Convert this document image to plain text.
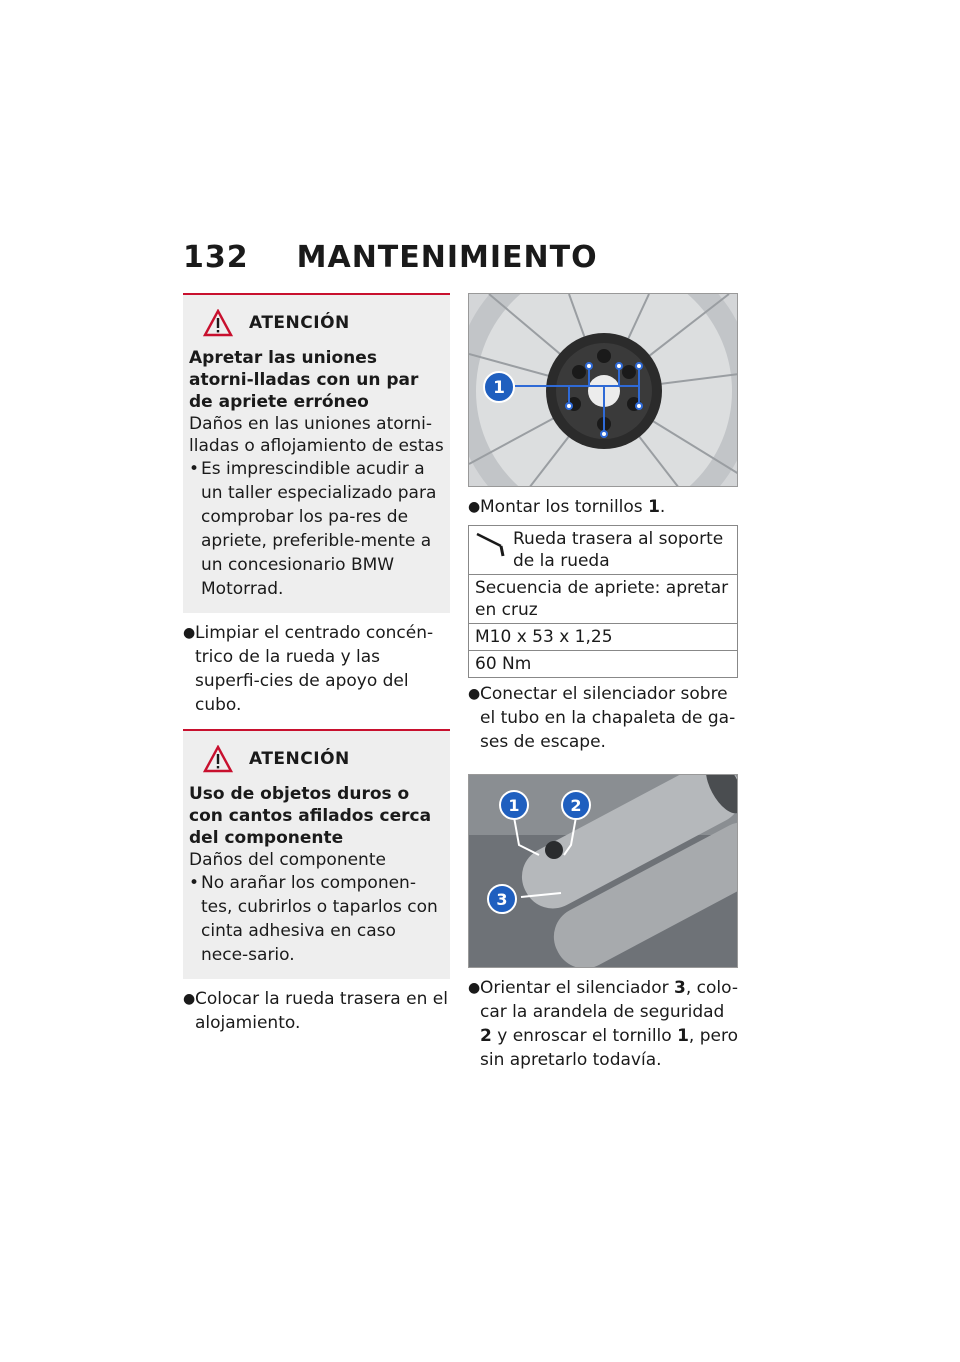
132 MANTENIMIENTO
ATENCIÓN
Apretar las uniones atorni-lladas con un par de apriete erróneo
Daños en las uniones atorni-lladas o aflojamiento de estas
• Es imprescindible acudir a un taller especializado para comprobar los pa-res de apriete, preferible-mente a un concesionario BMW Motorrad.
● Limpiar el centrado concén-trico de la rueda y las superfi-cies de apoyo del cubo.
ATENCIÓN
Uso de objetos duros o con cantos afilados cerca del componente
Daños del componente
• No arañar los componen-tes, cubrirlos o taparlos con cinta adhesiva en caso nece-sario.
● Colocar la rueda trasera en el alojamiento.
1
● Montar los tornillos 1.
Rueda trasera al soporte de la rueda

Secuencia de apriete: apretar en cruz
M10 x 53 x 1,25
60 Nm
● Conectar el silenciador sobre el tubo en la chapaleta de ga-ses de escape.
1	2
3
● Orientar el silenciador 3, colo-car la arandela de seguridad 2 y enroscar el tornillo 1, pero sin apretarlo todavía.
